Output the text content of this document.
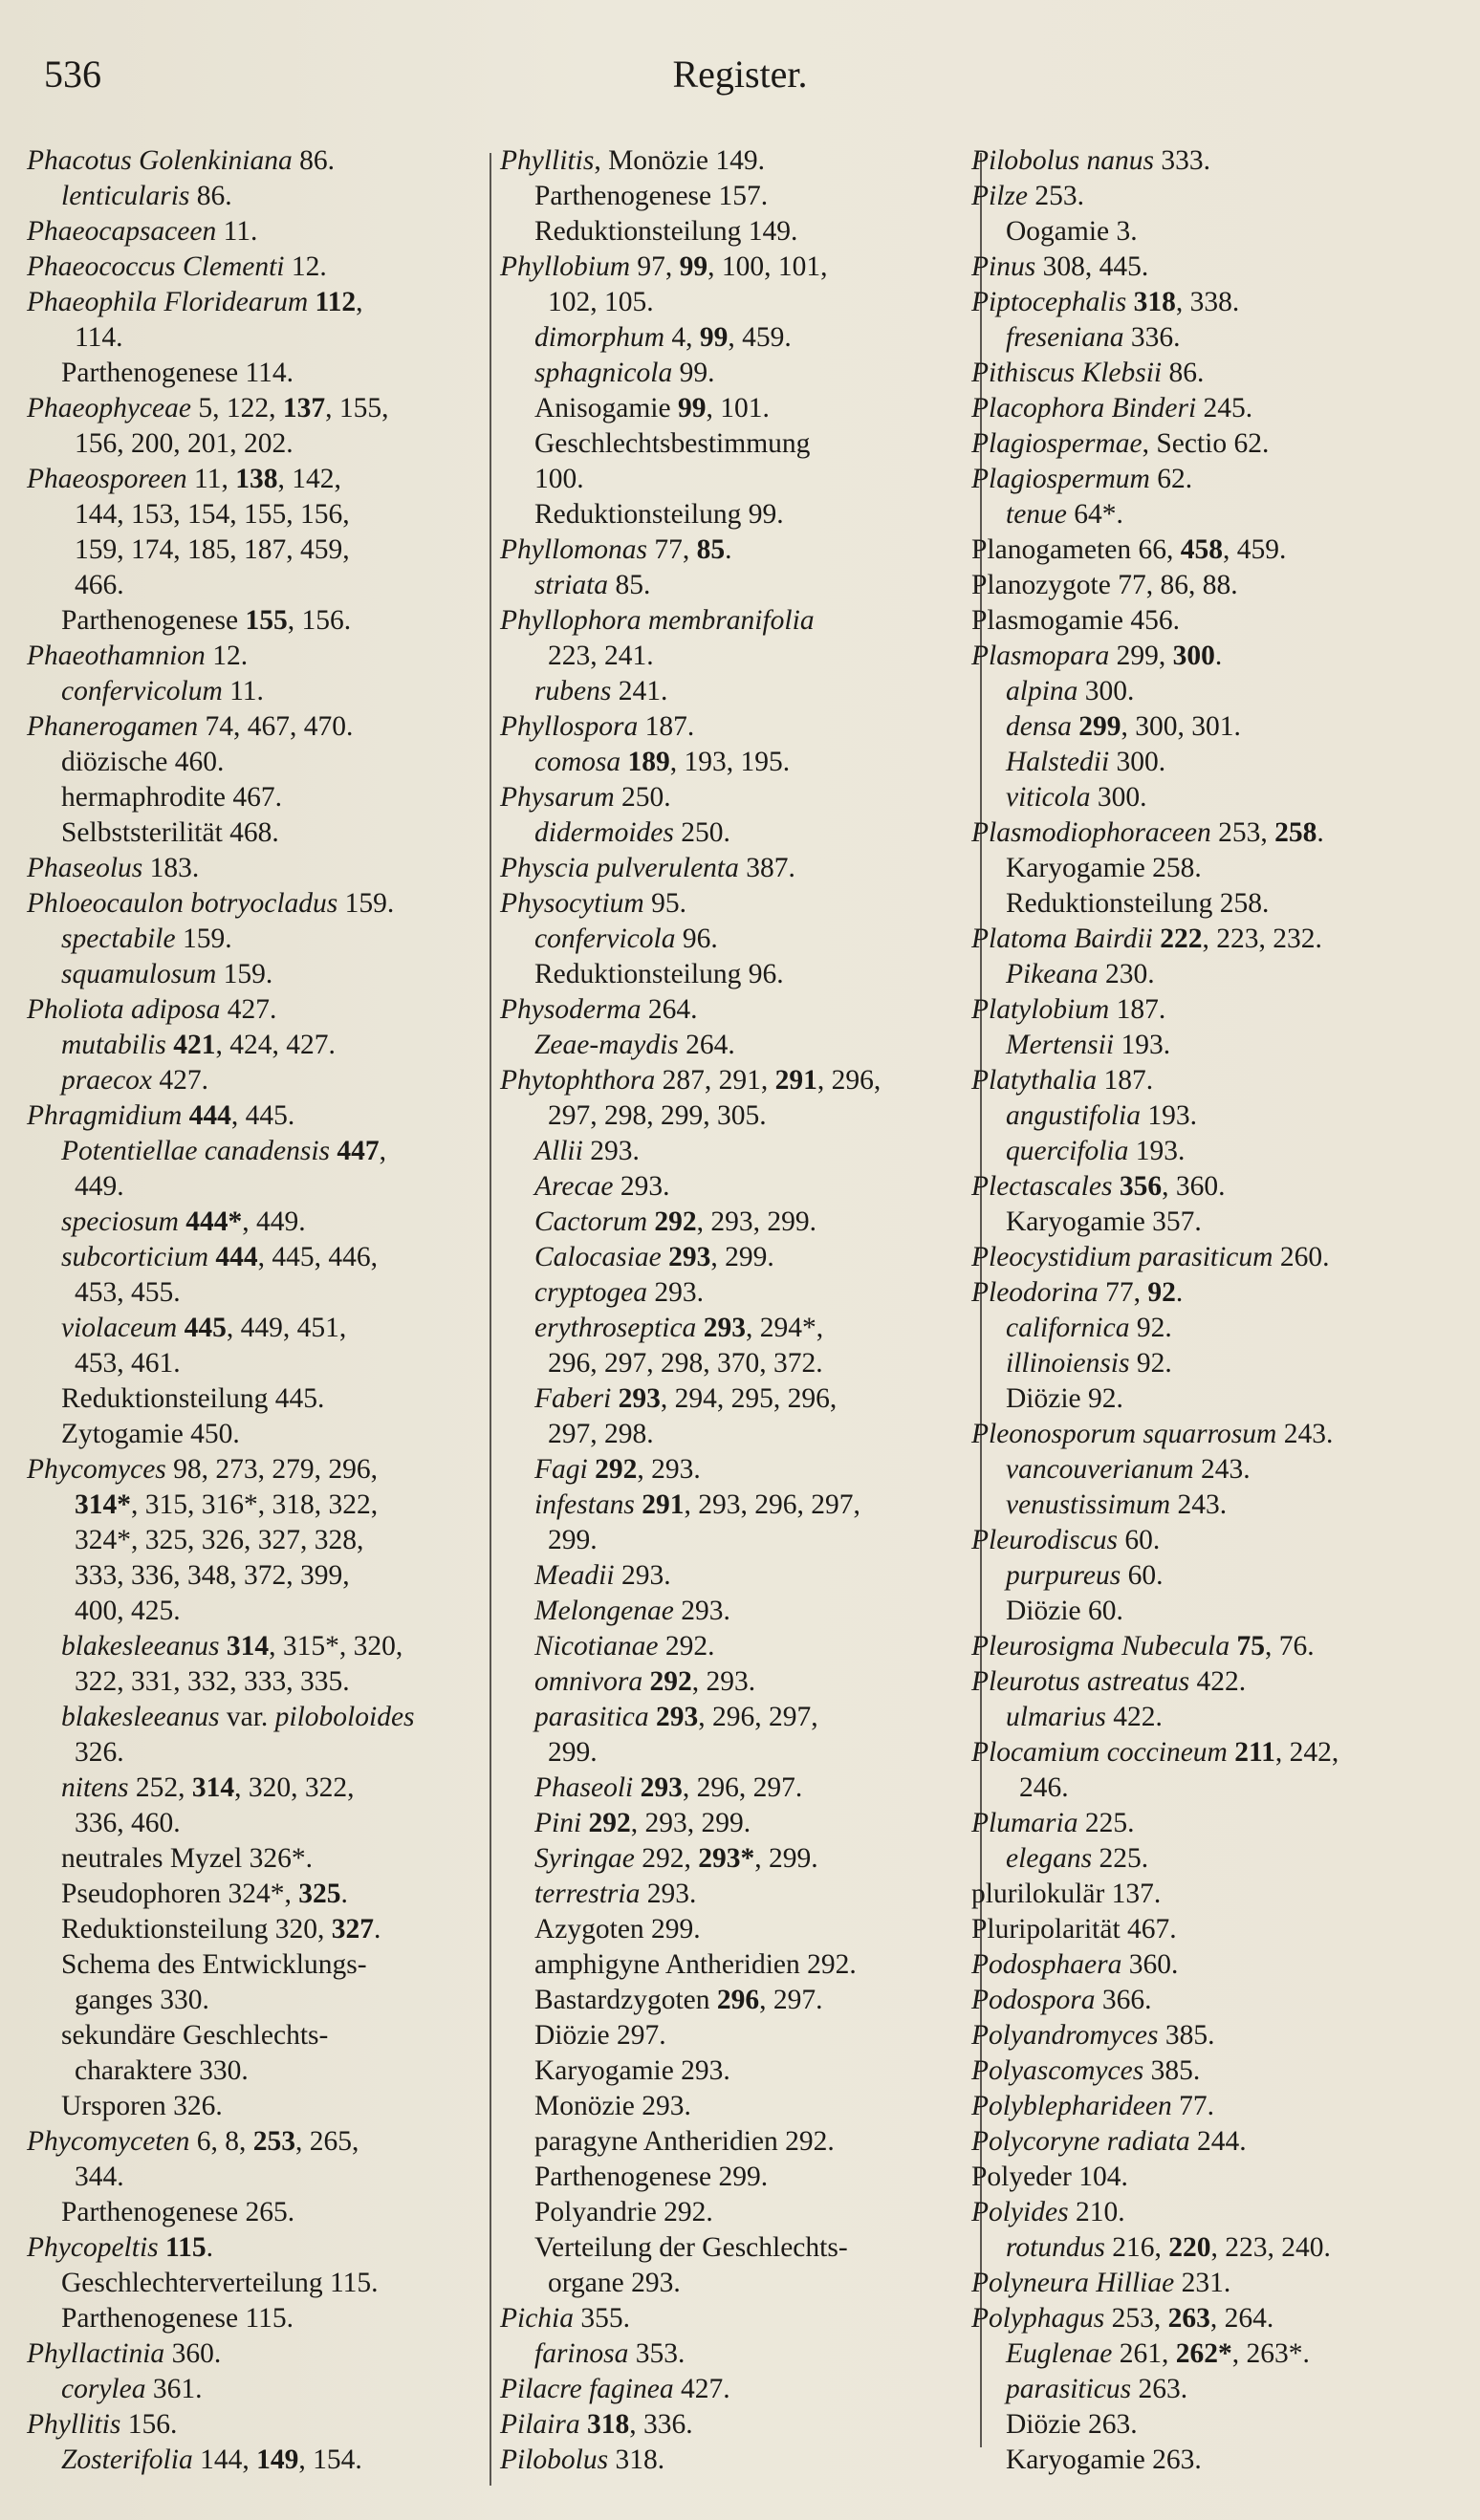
536	Register.
Phacotus Golenkiniana 86.
lenticularis 86.
Phaeocapsaceen 11.
Phaeococcus Clementi 12.
Phaeophila Floridearum 112,
114.
Parthenogenese 114.
Phaeophyceae 5, 122, 137, 155,
156, 200, 201, 202.
Phaeosporeen 11, 138, 142,
144, 153, 154, 155, 156,
159, 174, 185, 187, 459,
466.
Parthenogenese 155, 156.
Phaeothamnion 12.
confervicolum 11.
Phanerogamen 74, 467, 470.
diözische 460.
hermaphrodite 467.
Selbststerilität 468.
Phaseolus 183.
Phloeocaulon botryocladus 159.
spectabile 159.
squamulosum 159.
Pholiota adiposa 427.
mutabilis 421, 424, 427.
praecox 427.
Phragmidium 444, 445.
Potentiellae canadensis 447,
449.
speciosum 444*, 449.
subcorticium 444, 445, 446,
453, 455.
violaceum 445, 449, 451,
453, 461.
Reduktionsteilung 445.
Zytogamie 450.
Phycomyces 98, 273, 279, 296,
314*, 315, 316*, 318, 322,
324*, 325, 326, 327, 328,
333, 336, 348, 372, 399,
400, 425.
blakesleeanus 314, 315*, 320,
322, 331, 332, 333, 335.
blakesleeanus var. piloboloides
326.
nitens 252, 314, 320, 322,
336, 460.
neutrales Myzel 326*.
Pseudophoren 324*, 325.
Reduktionsteilung 320, 327.
Schema des Entwicklungs-
ganges 330.
sekundäre Geschlechts-
charaktere 330.
Ursporen 326.
Phycomyceten 6, 8, 253, 265,
344.
Parthenogenese 265.
Phycopeltis 115.
Geschlechterverteilung 115.
Parthenogenese 115.
Phyllactinia 360.
corylea 361.
Phyllitis 156.
Zosterifolia 144, 149, 154.
Phyllitis, Monözie 149.
Parthenogenese 157.
Reduktionsteilung 149.
Phyllobium 97, 99, 100, 101,
102, 105.
dimorphum 4, 99, 459.
sphagnicola 99.
Anisogamie 99, 101.
Geschlechtsbestimmung
100.
Reduktionsteilung 99.
Phyllomonas 77, 85.
striata 85.
Phyllophora membranifolia
223, 241.
rubens 241.
Phyllospora 187.
comosa 189, 193, 195.
Physarum 250.
didermoides 250.
Physcia pulverulenta 387.
Physocytium 95.
confervicola 96.
Reduktionsteilung 96.
Physoderma 264.
Zeae-maydis 264.
Phytophthora 287, 291, 291, 296,
297, 298, 299, 305.
Allii 293.
Arecae 293.
Cactorum 292, 293, 299.
Calocasiae 293, 299.
cryptogea 293.
erythroseptica 293, 294*,
296, 297, 298, 370, 372.
Faberi 293, 294, 295, 296,
297, 298.
Fagi 292, 293.
infestans 291, 293, 296, 297,
299.
Meadii 293.
Melongenae 293.
Nicotianae 292.
omnivora 292, 293.
parasitica 293, 296, 297,
299.
Phaseoli 293, 296, 297.
Pini 292, 293, 299.
Syringae 292, 293*, 299.
terrestria 293.
Azygoten 299.
amphigyne Antheridien 292.
Bastardzygoten 296, 297.
Diözie 297.
Karyogamie 293.
Monözie 293.
paragyne Antheridien 292.
Parthenogenese 299.
Polyandrie 292.
Verteilung der Geschlechts-
organe 293.
Pichia 355.
farinosa 353.
Pilacre faginea 427.
Pilaira 318, 336.
Pilobolus 318.
Pilobolus nanus 333.
Pilze 253.
Oogamie 3.
Pinus 308, 445.
Piptocephalis 318, 338.
freseniana 336.
Pithiscus Klebsii 86.
Placophora Binderi 245.
Plagiospermae, Sectio 62.
Plagiospermum 62.
tenue 64*.
Planogameten 66, 458, 459.
Planozygote 77, 86, 88.
Plasmogamie 456.
Plasmopara 299, 300.
alpina 300.
densa 299, 300, 301.
Halstedii 300.
viticola 300.
Plasmodiophoraceen 253, 258.
Karyogamie 258.
Reduktionsteilung 258.
Platoma Bairdii 222, 223, 232.
Pikeana 230.
Platylobium 187.
Mertensii 193.
Platythalia 187.
angustifolia 193.
quercifolia 193.
Plectascales 356, 360.
Karyogamie 357.
Pleocystidium parasiticum 260.
Pleodorina 77, 92.
californica 92.
illinoiensis 92.
Diözie 92.
Pleonosporum squarrosum 243.
vancouverianum 243.
venustissimum 243.
Pleurodiscus 60.
purpureus 60.
Diözie 60.
Pleurosigma Nubecula 75, 76.
Pleurotus astreatus 422.
ulmarius 422.
Plocamium coccineum 211, 242,
246.
Plumaria 225.
elegans 225.
plurilokulär 137.
Pluripolarität 467.
Podosphaera 360.
Podospora 366.
Polyandromyces 385.
Polyascomyces 385.
Polyblepharideen 77.
Polycoryne radiata 244.
Polyeder 104.
Polyides 210.
rotundus 216, 220, 223, 240.
Polyneura Hilliae 231.
Polyphagus 253, 263, 264.
Euglenae 261, 262*, 263*.
parasiticus 263.
Diözie 263.
Karyogamie 263.
